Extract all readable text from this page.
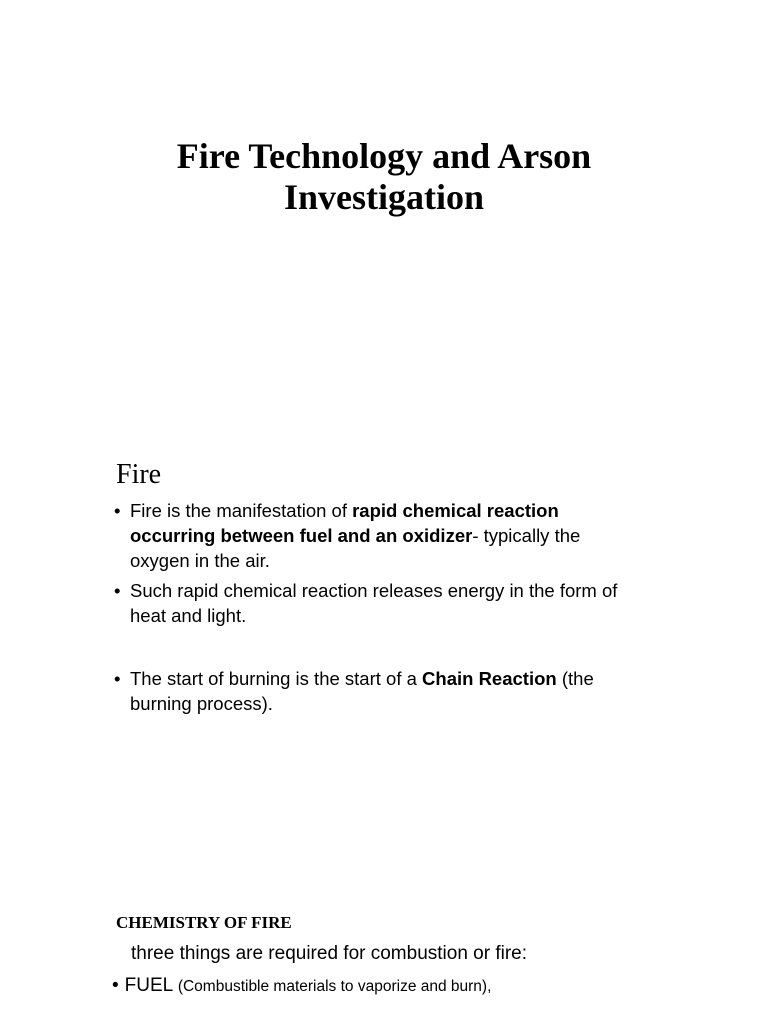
Fire Technology and Arson
Investigation
Fire
• Fire is the manifestation of rapid chemical reaction occurring between fuel and an oxidizer- typically the oxygen in the air.
• Such rapid chemical reaction releases energy in the form of heat and light.
• The start of burning is the start of a Chain Reaction (the burning process).
CHEMISTRY OF FIRE
three things are required for combustion or fire:
• FUEL (Combustible materials to vaporize and burn),
